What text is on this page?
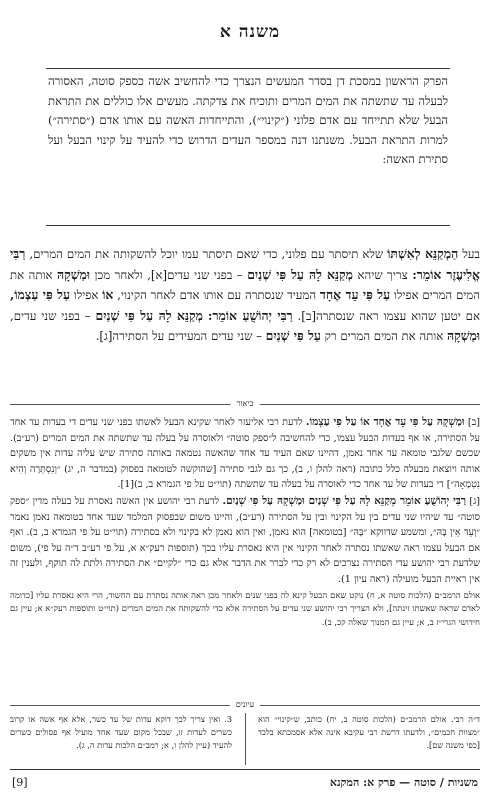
משנה א
הפרק הראשון במסכת דן בסדר המעשים הנצרך כדי להחשיב אשה כספק סוטה, האסורה לבעלה עד שתשתה את המים המרים ותוכיח את צדקתה. מעשים אלו כוללים את התראת הבעל שלא תתייחד עם אדם פלוני (״קינוי״), והתייחדות האשה עם אותו אדם (״סתירה״) למרות התראת הבעל. משנתנו דנה במספר העדים הדרוש כדי להעיד על קינוי הבעל ועל סתירת האשה:
בעל הַמְקַנֵּא לְאִשְׁתּוֹ שלא תיסתר עם פלוני, כדי שאם תיסתר עמו יוכל להשקותה את המים המרים, רַבִּי אֱלִיעֶזֶר אוֹמֵר: צריך שיהא מְקַנֵּא לָהּ עַל פִּי שְׁנַיִם – בפני שני עדים[א], ולאחר מכן וּמַשְׁקָהּ אותה את המים המרים אפילו עַל פִּי עֵד אֶחָד המעיד שנסתרה עם אותו אדם לאחר הקינוי, אוֹ אפילו עַל פִּי עַצְמוֹ, אם יטען שהוא עצמו ראה שנסתרה[ב]. רַבִּי יְהוֹשֻׁעַ אוֹמֵר: מְקַנֵּא לָהּ עַל פִּי שְׁנַיִם – בפני שני עדים, וּמַשְׁקָהּ אותה את המים המרים רק עַל פִּי שְׁנַיִם – שני עדים המעידים על הסתירה[ג].
ביאור

[ב] וּמַשְׁקָהּ עַל פִּי עֵד אֶחָד אוֹ עַל פִּי עַצְמוֹ. לדעת רבי אליעזר לאחר שקינא הבעל לאשתו בפני שני עדים די בעדות עד אחד על הסתירה, או אף בעדות הבעל עצמו, כדי להחשיבה ל״ספק סוטה״ ולאוסרה על בעלה עד שתשתה את המים המרים (רע״ב). שכשם שלגבי טומאה עד אחד נאמן, דהיינו שאם העיד עד אחד שהאשה נטמאה באותה סתירה שיש עליה עדות אין משקים אותה ויוצאת מבעלה כלל כתובה (ראה להלן ו, ב), כך גם לגבי סתירה [שהוקשה לטומאה בפסוק (במדבר ה, יג) ״וְנִסְתְּרָה וְהִיא נִטְמָאָה״] די בעדות של עד אחד כדי לאוסרה על בעלה עד שתשתה (תוי״ט על פי הגמרא ב, ב)[1].

[ג] רַבִּי יְהוֹשֻׁעַ אוֹמֵר מְקַנֵּא לָהּ עַל פִּי שְׁנַיִם וּמַשְׁקָהּ עַל פִּי שְׁנַיִם. לדעת רבי יהושע אין האשה נאסרת על בעלה מדין ״ספק סוטה״ עד שיהיו שני עדים בין על הקינוי ובין על הסתירה (רע״ב), והיינו משום שבפסוק המלמד שעד אחד בטומאה נאמן נאמר ״וְעֵד אֵין בָּהּ״, ומשמע שדווקא ״בָּהּ״ [בטומאה] הוא נאמן, ואין הוא נאמן לא בקינוי ולא בסתירה (תוי״ט על פי הגמרא ב, ב). ואף אם הבעל עצמו ראה שאשתו נסתרה לאחר הקינוי אין היא נאסרת עליו בכך (תוספות רעק״א א, על פי רע״ב ד״ה על פי), משום שלדעת רבי יהושע עדי הסתירה נצרכים לא רק כדי לברר את הדבר אלא גם כדי ״לקיים״ את הסתירה ולתת לה תוקף, ולענין זה אין ראיית הבעל מועילה (ראה עיון 1).

אולם הרמב״ם (הלכות סוטה א, ח) נוקט שאם הבעל קינא לה בפני שנים ולאחר מכן ראה אותה נסתרת עם החשוד, הרי היא נאסרת עליו [כדומה לאדם שראה שאשתו זינתה], ולא הצריך רבי יהושע שני עדים על הסתירה אלא כדי להשקותה את המים המרים (תוי״ט ותוספות רעק״א א; עיין גם חידושי הגרי״ז ב, א; עיין גם המנוך שאלה קכ, ב).

עיונים
ד״ה רבי. אולם הרמב״ם (הלכות סוטה ב, יח) כותב, ש״קינוי״ הוא ״מצוות חכמים״, ולדעתו דרשת רבי עקיבא אינה אלא אסמכתא בלבד [כפי משנה שם].
3. ואין צריך לכך דוקא עדות של עד כשר, אלא אף אשה או קרוב כשרים לעדות זו, שבכל מקום שעד אחד מועיל אף פסולים כשרים להעיד (עיין להלן ו, א; רמב״ם הלכות עדות ה, ג).
משניות / סוטה — פרק א: המקנא
[9]
